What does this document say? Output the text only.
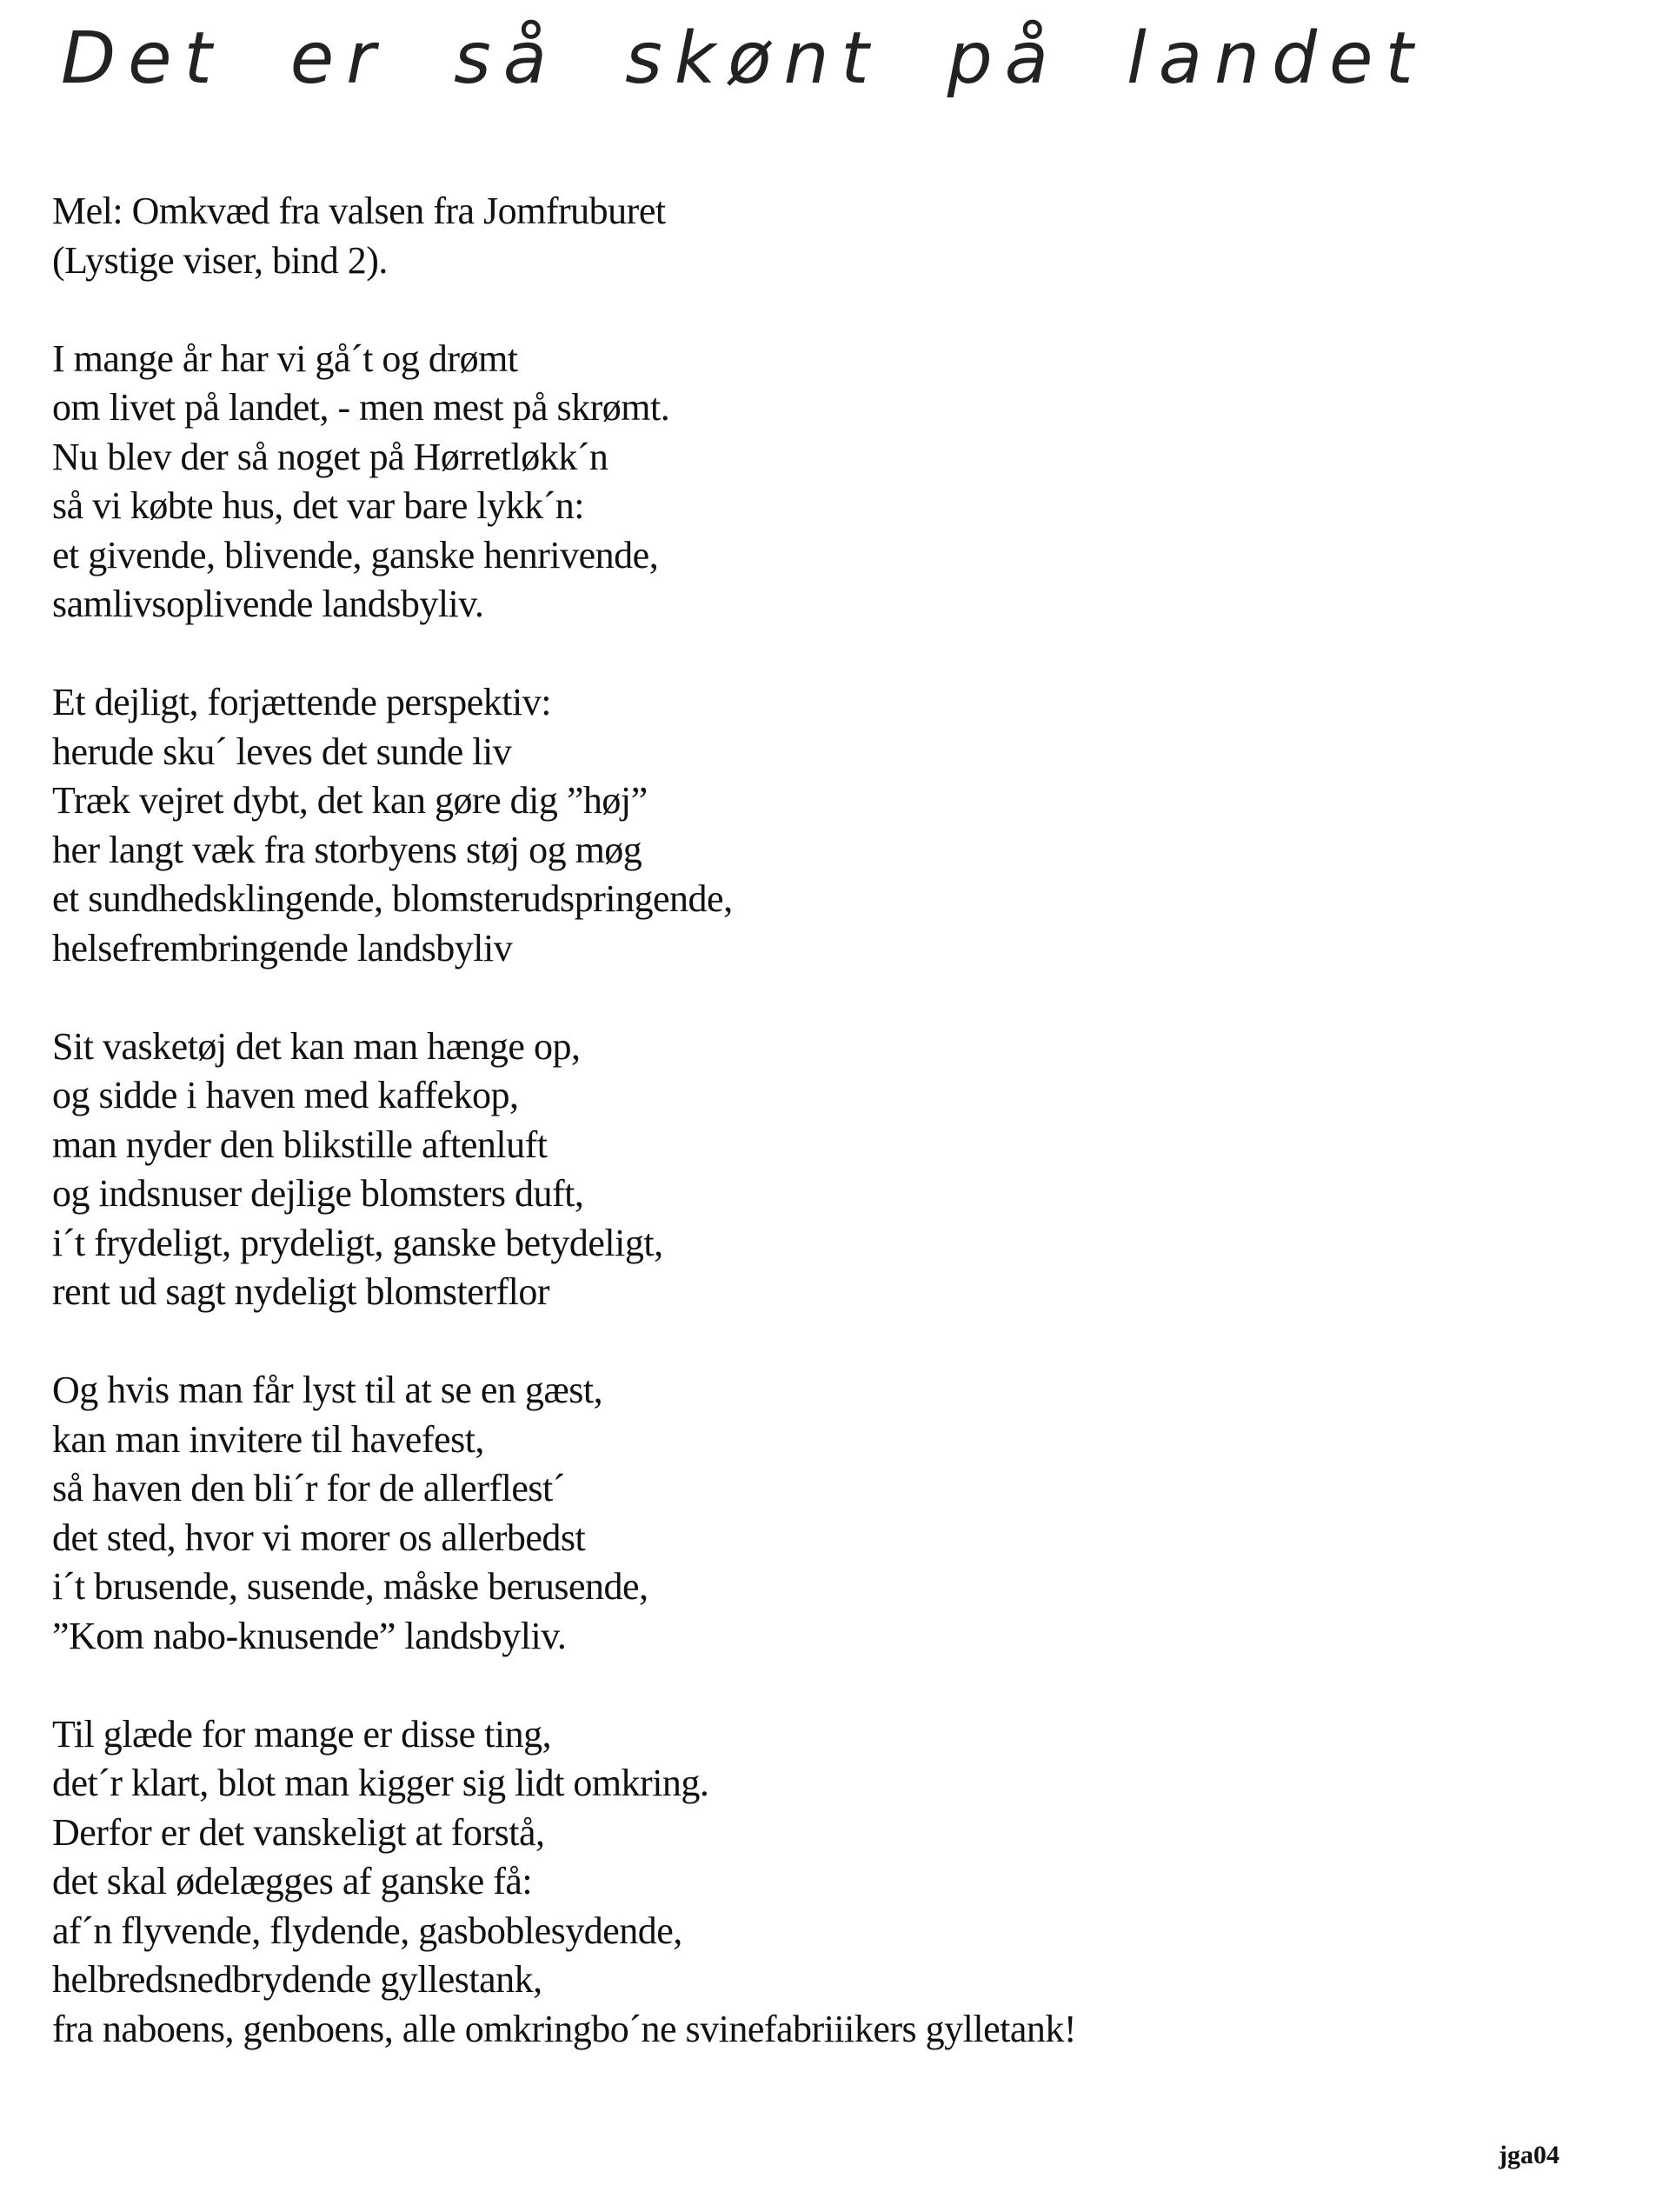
Det er så skønt på landet
Mel: Omkvæd fra valsen fra Jomfruburet
(Lystige viser, bind 2).
I mange år har vi gå´t og drømt
om livet på landet, - men mest på skrømt.
Nu blev der så noget på Hørretløkk´n
så vi købte hus, det var bare lykk´n:
et givende, blivende, ganske henrivende,
samlivsoplivende landsbyliv.
Et dejligt, forjættende perspektiv:
herude sku´ leves det sunde liv
Træk vejret dybt, det kan gøre dig ”høj”
her langt væk fra storbyens støj og møg
et sundhedsklingende, blomsterudspringende,
helsefrembringende landsbyliv
Sit vasketøj det kan man hænge op,
og sidde i haven med kaffekop,
man nyder den blikstille aftenluft
og indsnuser dejlige blomsters duft,
i´t frydeligt, prydeligt, ganske betydeligt,
rent ud sagt nydeligt blomsterflor
Og hvis man får lyst til at se en gæst,
kan man invitere til havefest,
så haven den bli´r for de allerflest´
det sted, hvor vi morer os allerbedst
i´t brusende, susende, måske berusende,
”Kom nabo-knusende” landsbyliv.
Til glæde for mange er disse ting,
det´r klart, blot man kigger sig lidt omkring.
Derfor er det vanskeligt at forstå,
det skal ødelægges af ganske få:
af´n flyvende, flydende, gasboblesydende,
helbredsnedbrydende gyllestank,
fra naboens, genboens, alle omkringbo´ne svinefabriiikers gylletank!
jga04
